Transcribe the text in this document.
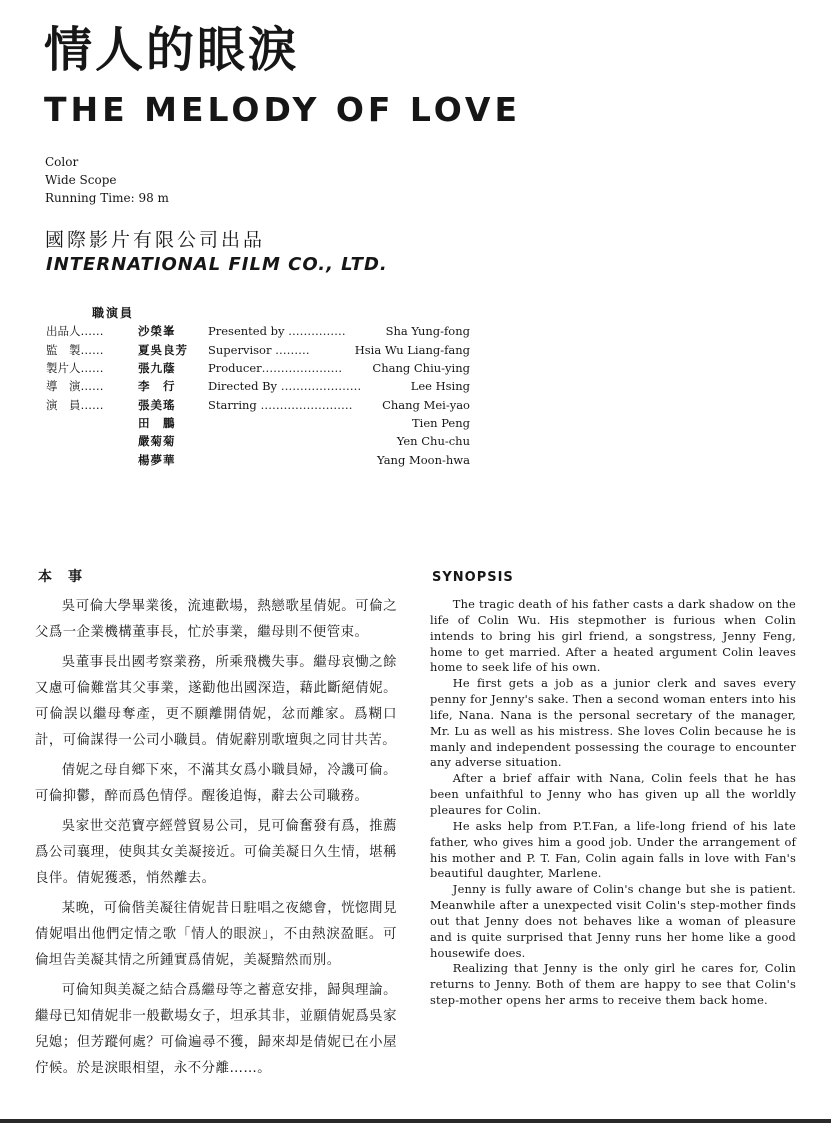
情人的眼淚
THE MELODY OF LOVE
Color
Wide Scope
Running Time: 98 m
國際影片有限公司出品
INTERNATIONAL FILM CO., LTD.
職演員
出品人……	沙榮峯	Presented by ……………	Sha Yung-fong
監　製……	夏吳良芳 Supervisor ………	Hsia Wu Liang-fang
製片人……	張九蔭	Producer…………………	Chang Chiu-ying
導　演……	李　行	Directed By …………………	Lee Hsing
演　員……	張美瑤	Starring ……………………	Chang Mei-yao
田　鵬	Tien Peng
嚴菊菊	Yen Chu-chu
楊夢華	Yang Moon-hwa
本事

吳可倫大學畢業後，流連歡場，熱戀歌星倩妮。可倫之父爲一企業機構董事長，忙於事業，繼母則不便管束。

吳董事長出國考察業務，所乘飛機失事。繼母哀慟之餘又慮可倫難當其父事業，遂勸他出國深造，藉此斷絕倩妮。可倫誤以繼母奪產，更不願離開倩妮，忿而離家。爲糊口計，可倫謀得一公司小職員。倩妮辭別歌壇與之同甘共苦。

倩妮之母自鄉下來，不滿其女爲小職員婦，冷譏可倫。可倫抑鬱，醉而爲色情俘。醒後追悔，辭去公司職務。

吳家世交范寶亭經營貿易公司，見可倫奮發有爲，推薦爲公司襄理，使與其女美凝接近。可倫美凝日久生情，堪稱良伴。倩妮獲悉，悄然離去。

某晚，可倫偕美凝往倩妮昔日駐唱之夜總會，恍惚間見倩妮唱出他們定情之歌「情人的眼淚」，不由熱淚盈眶。可倫坦告美凝其情之所鍾實爲倩妮，美凝黯然而別。

可倫知與美凝之結合爲繼母等之蓄意安排，歸與理論。繼母已知倩妮非一般歡場女子，坦承其非，並願倩妮爲吳家兒媳；但芳蹤何處？可倫遍尋不獲，歸來却是倩妮已在小屋佇候。於是淚眼相望，永不分離……。

SYNOPSIS

The tragic death of his father casts a dark shadow on the life of Colin Wu. His stepmother is furious when Colin intends to bring his girl friend, a songstress, Jenny Feng, home to get married. After a heated argument Colin leaves home to seek life of his own.

He first gets a job as a junior clerk and saves every penny for Jenny's sake. Then a second woman enters into his life, Nana. Nana is the personal secretary of the manager, Mr. Lu as well as his mistress. She loves Colin because he is manly and independent possessing the courage to encounter any adverse situation.

After a brief affair with Nana, Colin feels that he has been unfaithful to Jenny who has given up all the worldly pleaures for Colin.

He asks help from P.T.Fan, a life-long friend of his late father, who gives him a good job. Under the arrangement of his mother and P. T. Fan, Colin again falls in love with Fan's beautiful daughter, Marlene.

Jenny is fully aware of Colin's change but she is patient. Meanwhile after a unexpected visit Colin's step-mother finds out that Jenny does not behaves like a woman of pleasure and is quite surprised that Jenny runs her home like a good housewife does.

Realizing that Jenny is the only girl he cares for, Colin returns to Jenny. Both of them are happy to see that Colin's step-mother opens her arms to receive them back home.
